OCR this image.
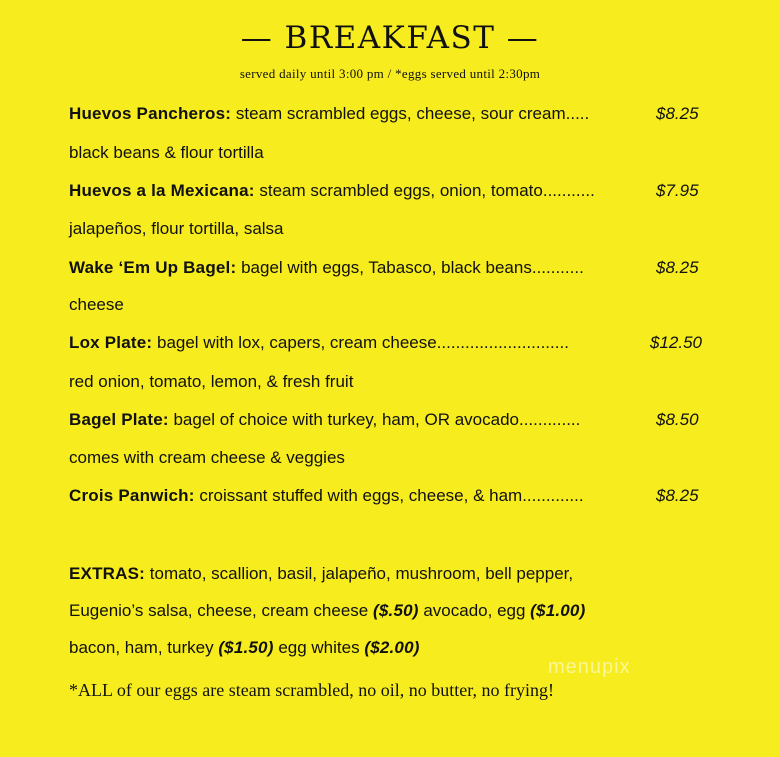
— BREAKFAST —
served daily until 3:00 pm / *eggs served until 2:30pm
Huevos Pancheros: steam scrambled eggs, cheese, sour cream.....	$8.25
black beans & flour tortilla
Huevos a la Mexicana: steam scrambled eggs, onion, tomato...........	$7.95
jalapeños, flour tortilla, salsa
Wake ‘Em Up Bagel: bagel with eggs, Tabasco, black beans...........	$8.25
cheese
Lox Plate: bagel with lox, capers, cream cheese............................	$12.50
red onion, tomato, lemon, & fresh fruit
Bagel Plate: bagel of choice with turkey, ham, OR avocado.............	$8.50
comes with cream cheese & veggies
Crois Panwich: croissant stuffed with eggs, cheese, & ham.............	$8.25
EXTRAS: tomato, scallion, basil, jalapeño, mushroom, bell pepper,
Eugenio’s salsa, cheese, cream cheese ($.50) avocado, egg ($1.00)
bacon, ham, turkey ($1.50) egg whites ($2.00)
menupix
*ALL of our eggs are steam scrambled, no oil, no butter, no frying!
